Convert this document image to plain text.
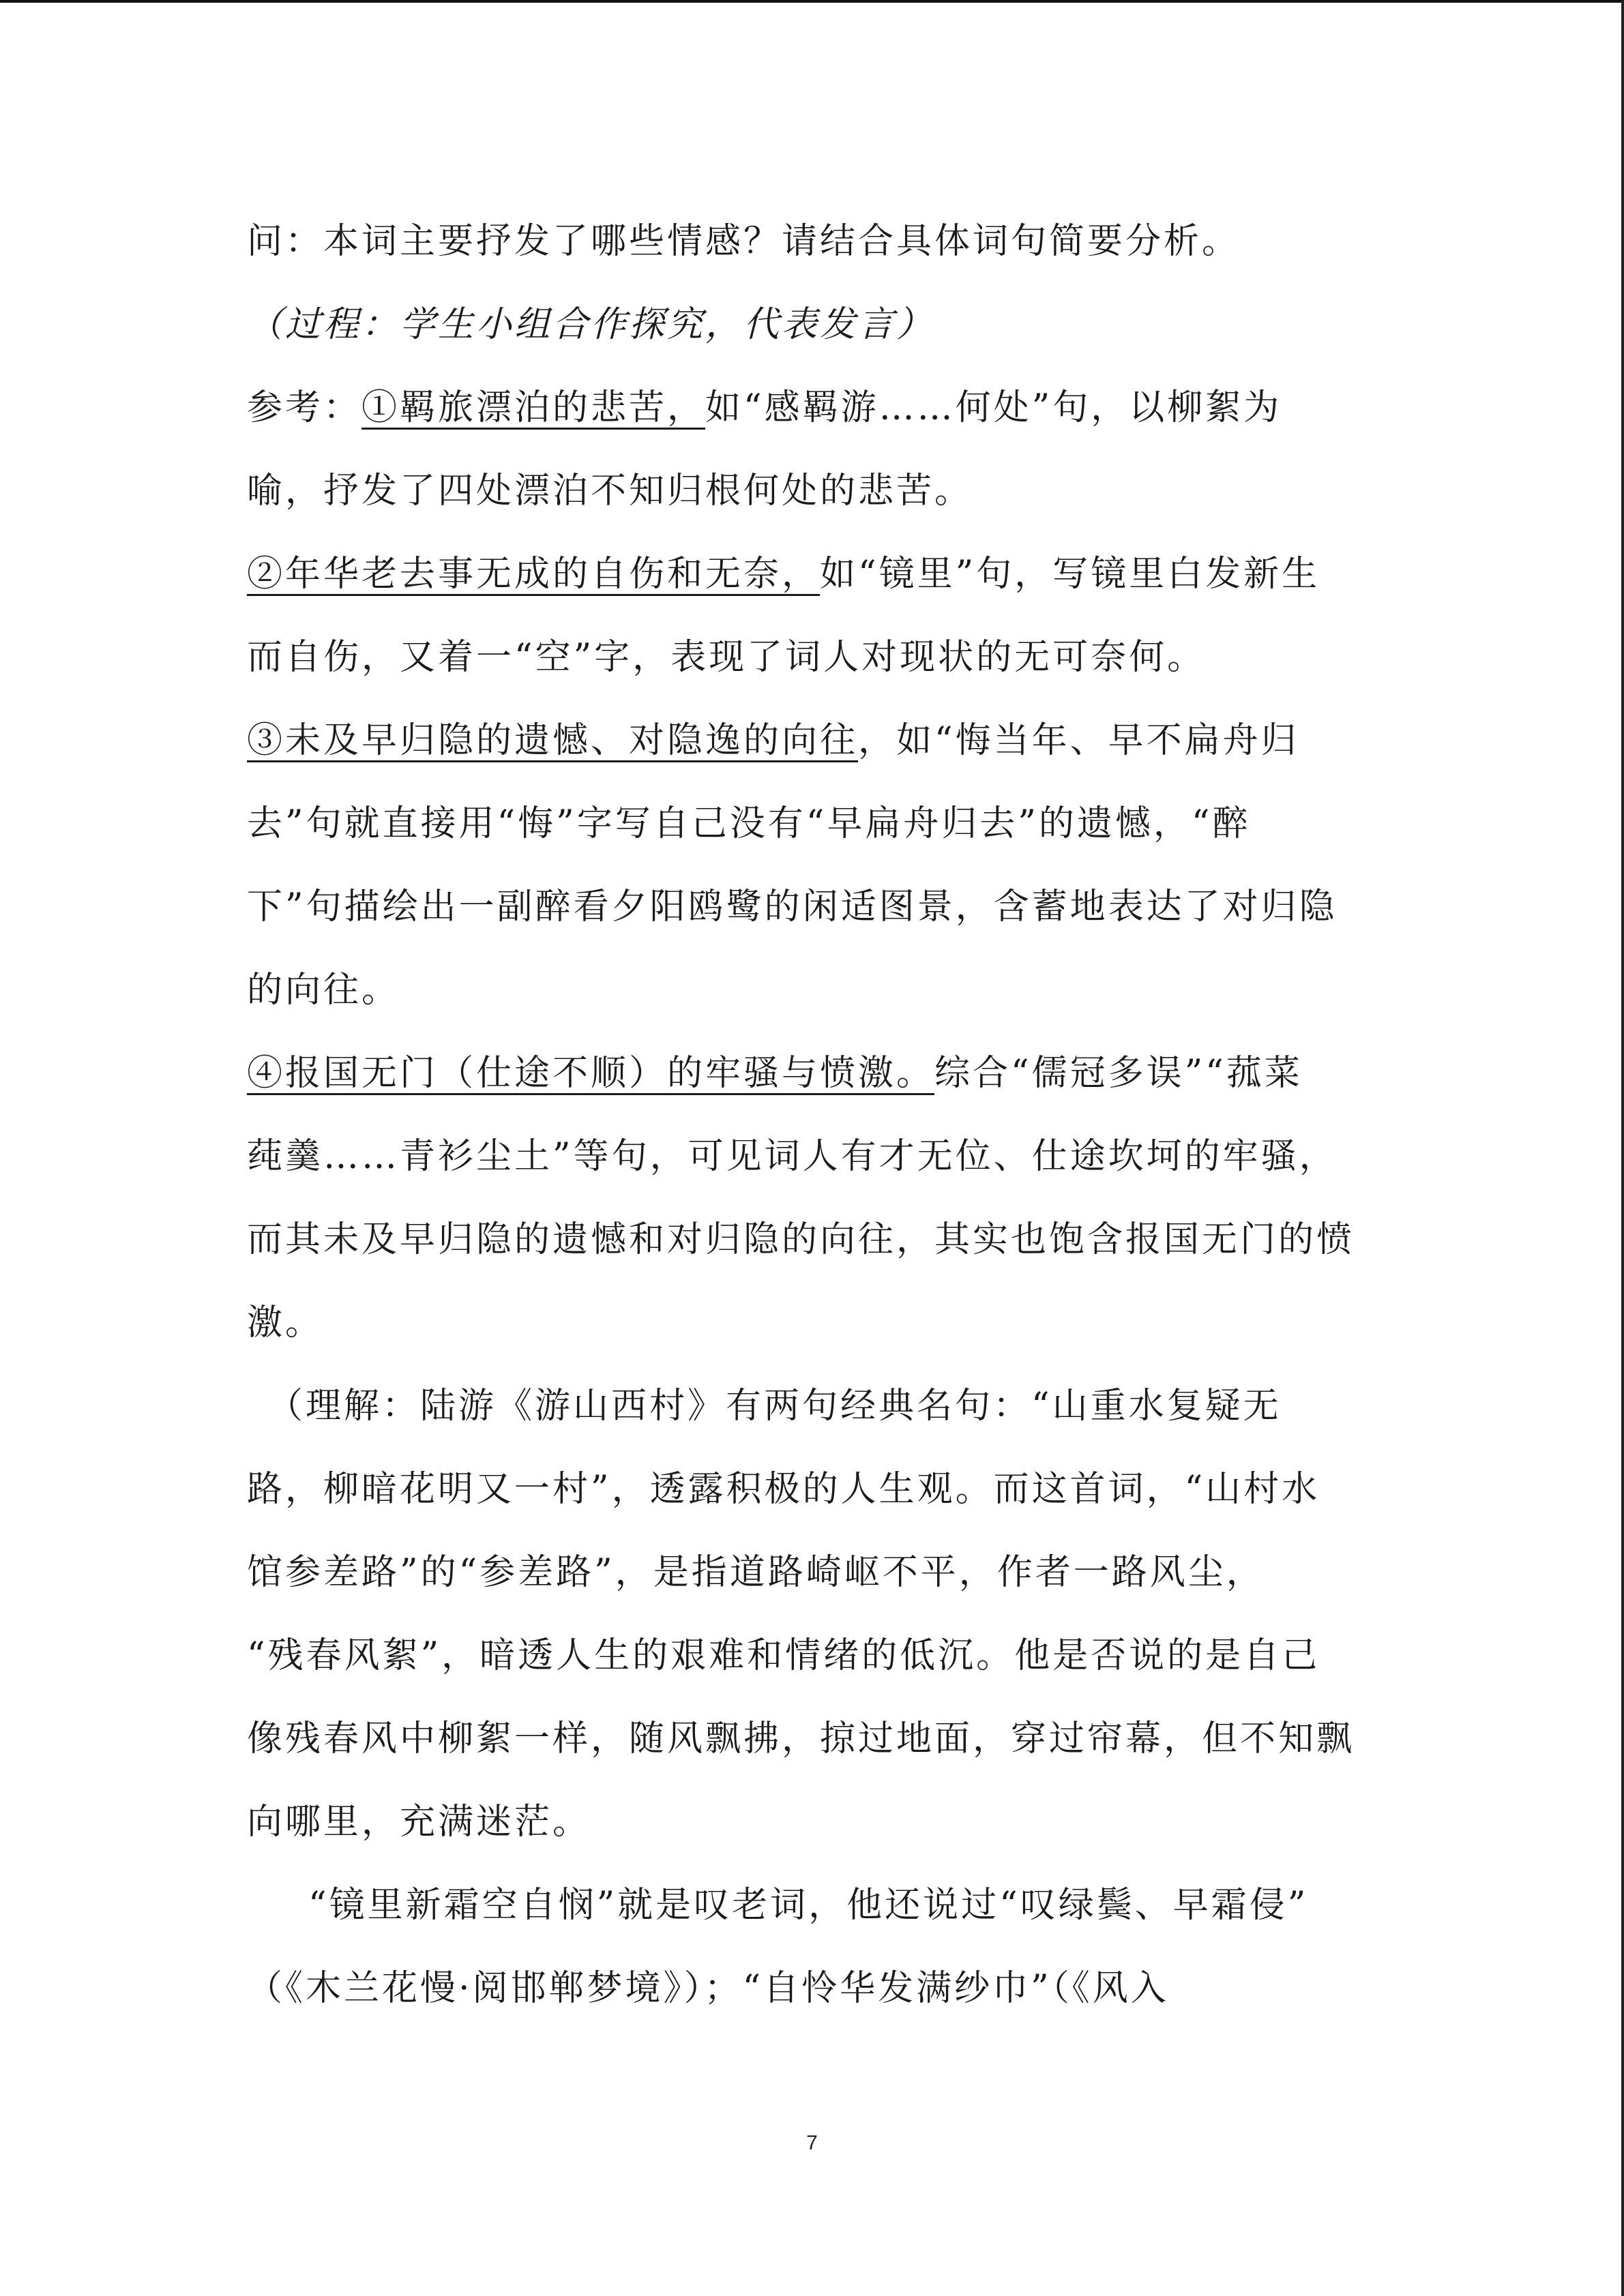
问：本词主要抒发了哪些情感？请结合具体词句简要分析。
（过程：学生小组合作探究，代表发言）
参考：①羁旅漂泊的悲苦，如“感羁游……何处”句，以柳絮为
喻，抒发了四处漂泊不知归根何处的悲苦。
②年华老去事无成的自伤和无奈，如“镜里”句，写镜里白发新生
而自伤，又着一“空”字，表现了词人对现状的无可奈何。
③未及早归隐的遗憾、对隐逸的向往，如“悔当年、早不扁舟归
去”句就直接用“悔”字写自己没有“早扁舟归去”的遗憾，“醉
下”句描绘出一副醉看夕阳鸥鹭的闲适图景，含蓄地表达了对归隐
的向往。
④报国无门（仕途不顺）的牢骚与愤激。综合“儒冠多误”“菰菜
莼羹……青衫尘土”等句，可见词人有才无位、仕途坎坷的牢骚，
而其未及早归隐的遗憾和对归隐的向往，其实也饱含报国无门的愤
激。
（理解：陆游《游山西村》有两句经典名句：“山重水复疑无
路，柳暗花明又一村”，透露积极的人生观。而这首词，“山村水
馆参差路”的“参差路”，是指道路崎岖不平，作者一路风尘，
“残春风絮”，暗透人生的艰难和情绪的低沉。他是否说的是自己
像残春风中柳絮一样，随风飘拂，掠过地面，穿过帘幕，但不知飘
向哪里，充满迷茫。
“镜里新霜空自悯”就是叹老词，他还说过“叹绿鬓、早霜侵”
（《木兰花慢·阅邯郸梦境》）；“自怜华发满纱巾”（《风入
7
